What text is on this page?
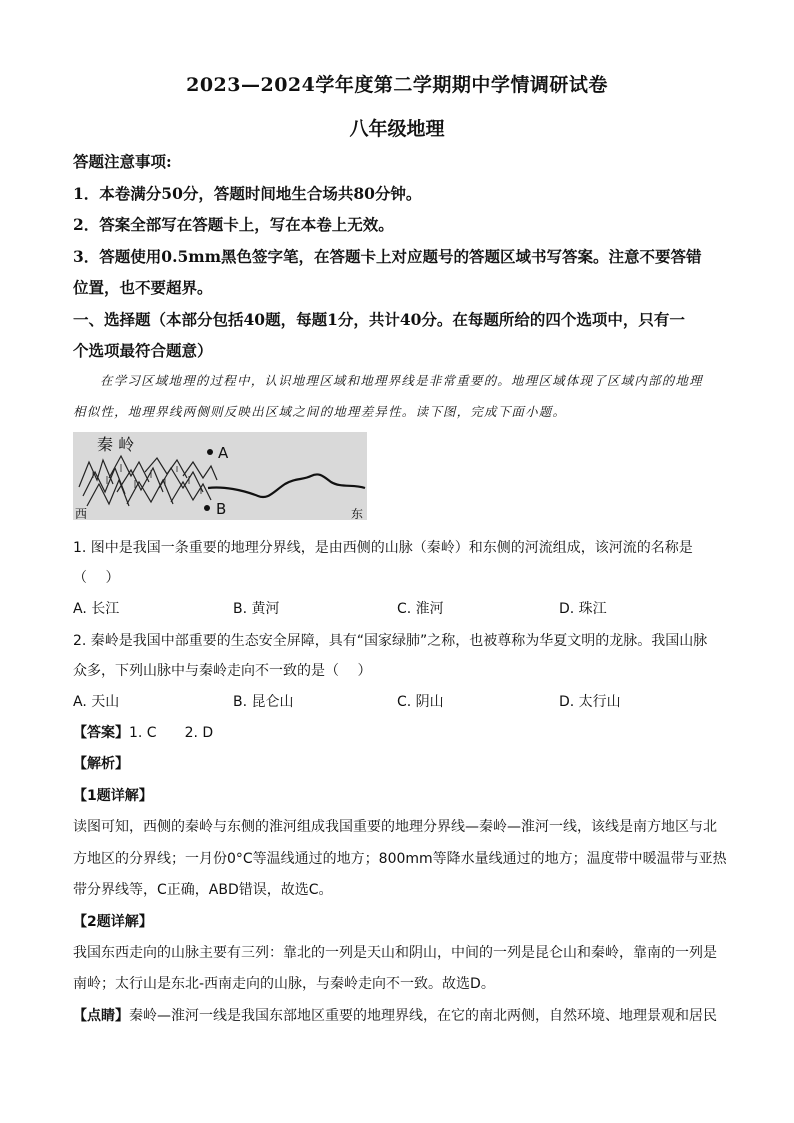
2023—2024学年度第二学期期中学情调研试卷
八年级地理
答题注意事项:
1．本卷满分50分，答题时间地生合场共80分钟。
2．答案全部写在答题卡上，写在本卷上无效。
3．答题使用0.5mm黑色签字笔，在答题卡上对应题号的答题区域书写答案。注意不要答错
位置，也不要超界。
一、选择题（本部分包括40题，每题1分，共计40分。在每题所给的四个选项中，只有一
个选项最符合题意）
在学习区域地理的过程中，认识地理区域和地理界线是非常重要的。地理区域体现了区域内部的地理
相似性，地理界线两侧则反映出区域之间的地理差异性。读下图，完成下面小题。
秦 岭	A
B
西	东
1. 图中是我国一条重要的地理分界线，是由西侧的山脉（秦岭）和东侧的河流组成，该河流的名称是
（　 ）
A. 长江	B. 黄河	C. 淮河	D. 珠江
2. 秦岭是我国中部重要的生态安全屏障，具有“国家绿肺”之称，也被尊称为华夏文明的龙脉。我国山脉
众多，下列山脉中与秦岭走向不一致的是（　 ）
A. 天山	B. 昆仑山	C. 阴山	D. 太行山
【答案】1. C　　2. D
【解析】
【1题详解】
读图可知，西侧的秦岭与东侧的淮河组成我国重要的地理分界线—秦岭—淮河一线，该线是南方地区与北
方地区的分界线；一月份0°C等温线通过的地方；800mm等降水量线通过的地方；温度带中暖温带与亚热
带分界线等，C正确，ABD错误，故选C。
【2题详解】
我国东西走向的山脉主要有三列：靠北的一列是天山和阴山，中间的一列是昆仑山和秦岭，靠南的一列是
南岭；太行山是东北-西南走向的山脉，与秦岭走向不一致。故选D。
【点睛】秦岭—淮河一线是我国东部地区重要的地理界线，在它的南北两侧，自然环境、地理景观和居民
